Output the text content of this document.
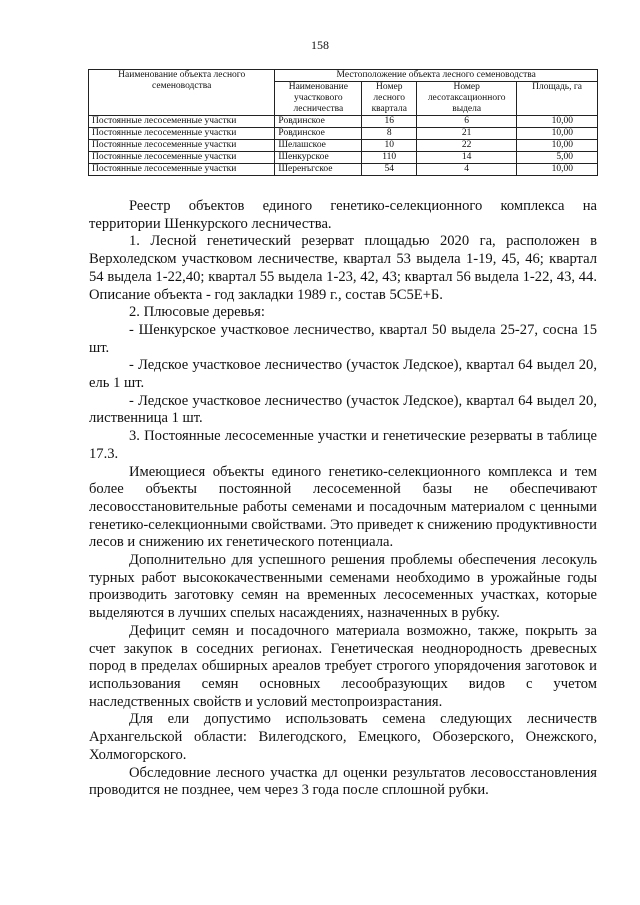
158
Наименование объекта лесного семеноводства	Местоположение объекта лесного семеноводства			
	Наименование участкового лесничества	Номер лесного квартала	Номер лесотаксационного выдела	Площадь, га
Постоянные лесосеменные участки	Ровдинское	16	6	10,00
Постоянные лесосеменные участки	Ровдинское	8	21	10,00
Постоянные лесосеменные участки	Шелашское	10	22	10,00
Постоянные лесосеменные участки	Шенкурское	110	14	5,00
Постоянные лесосеменные участки	Шеренъгское	54	4	10,00

Реестр объектов единого генетико-селекционного комплекса на территории Шенкурского лесничества.

1. Лесной генетический резерват площадью 2020 га, расположен в Верхоледском участковом лесничестве, квартал 53 выдела 1-19, 45, 46; квартал 54 выдела 1-22,40; квартал 55 выдела 1-23, 42, 43; квартал 56 выдела 1-22, 43, 44. Описание объекта - год закладки 1989 г., состав 5С5Е+Б.

2. Плюсовые деревья:

- Шенкурское участковое лесничество, квартал 50 выдела 25-27, сосна 15 шт.

- Ледское участковое лесничество (участок Ледское), квартал 64 выдел 20, ель 1 шт.

- Ледское участковое лесничество (участок Ледское), квартал 64 выдел 20, лиственница 1 шт.

3. Постоянные лесосеменные участки и генетические резерваты в таблице 17.3.

Имеющиеся объекты единого генетико-селекционного комплекса и тем более объекты постоянной лесосеменной базы не обеспечивают лесовосстановительные работы семенами и посадочным материалом с ценными генетико-селекционными свойствами. Это приведет к снижению продуктивности лесов и снижению их генетического потенциала.

Дополнительно для успешного решения проблемы обеспечения лесокуль турных работ высококачественными семенами необходимо в урожайные годы производить заготовку семян на временных лесосеменных участках, которые выделяются в лучших спелых насаждениях, назначенных в рубку.

Дефицит семян и посадочного материала возможно, также, покрыть за счет закупок в соседних регионах. Генетическая неоднородность древесных пород в пределах обширных ареалов требует строгого упорядочения заготовок и использования семян основных лесообразующих видов с учетом наследственных свойств и условий местопроизрастания.

Для ели допустимо использовать семена следующих лесничеств Архангельской области: Вилегодского, Емецкого, Обозерского, Онежского, Холмогорского.

Обследовние лесного участка дл оценки результатов лесовосстановления проводится не позднее, чем через 3 года после сплошной рубки.
